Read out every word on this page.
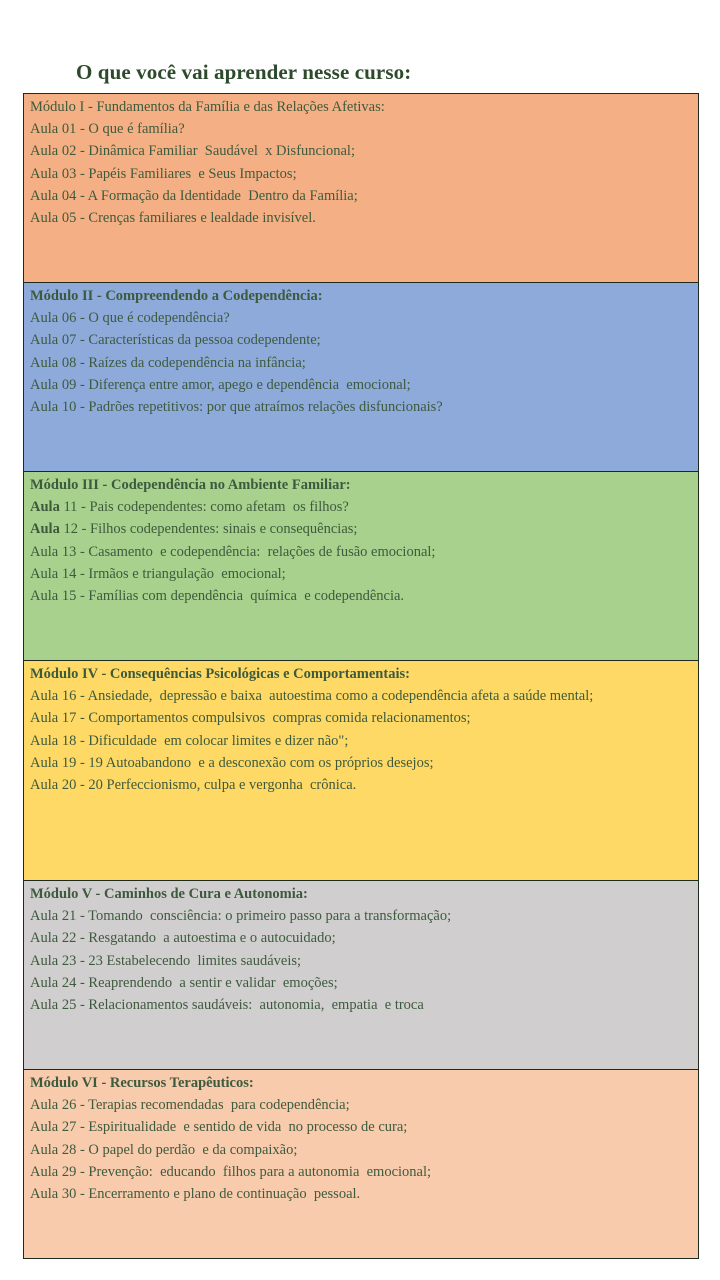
O que você vai aprender nesse curso:

Módulo I - Fundamentos da Família e das Relações Afetivas:

Aula 01 - O que é família?

Aula 02 - Dinâmica Familiar  Saudável  x Disfuncional;

Aula 03 - Papéis Familiares  e Seus Impactos;

Aula 04 - A Formação da Identidade  Dentro da Família;

Aula 05 - Crenças familiares e lealdade invisível.

Módulo II - Compreendendo a Codependência:

Aula 06 - O que é codependência?

Aula 07 - Características da pessoa codependente;

Aula 08 - Raízes da codependência na infância;

Aula 09 - Diferença entre amor, apego e dependência  emocional;

Aula 10 - Padrões repetitivos: por que atraímos relações disfuncionais?

Módulo III - Codependência no Ambiente Familiar:

Aula 11 - Pais codependentes: como afetam  os filhos?

Aula 12 - Filhos codependentes: sinais e consequências;

Aula 13 - Casamento  e codependência:  relações de fusão emocional;

Aula 14 - Irmãos e triangulação  emocional;

Aula 15 - Famílias com dependência  química  e codependência.

Módulo IV - Consequências Psicológicas e Comportamentais:

Aula 16 - Ansiedade,  depressão e baixa  autoestima como a codependência afeta a saúde mental;

Aula 17 - Comportamentos compulsivos  compras comida relacionamentos;

Aula 18 - Dificuldade  em colocar limites e dizer não";

Aula 19 - 19 Autoabandono  e a desconexão com os próprios desejos;

Aula 20 - 20 Perfeccionismo, culpa e vergonha  crônica.

Módulo V - Caminhos de Cura e Autonomia:

Aula 21 - Tomando  consciência: o primeiro passo para a transformação;

Aula 22 - Resgatando  a autoestima e o autocuidado;

Aula 23 - 23 Estabelecendo  limites saudáveis;

Aula 24 - Reaprendendo  a sentir e validar  emoções;

Aula 25 - Relacionamentos saudáveis:  autonomia,  empatia  e troca

Módulo VI - Recursos Terapêuticos:

Aula 26 - Terapias recomendadas  para codependência;

Aula 27 - Espiritualidade  e sentido de vida  no processo de cura;

Aula 28 - O papel do perdão  e da compaixão;

Aula 29 - Prevenção:  educando  filhos para a autonomia  emocional;

Aula 30 - Encerramento e plano de continuação  pessoal.
